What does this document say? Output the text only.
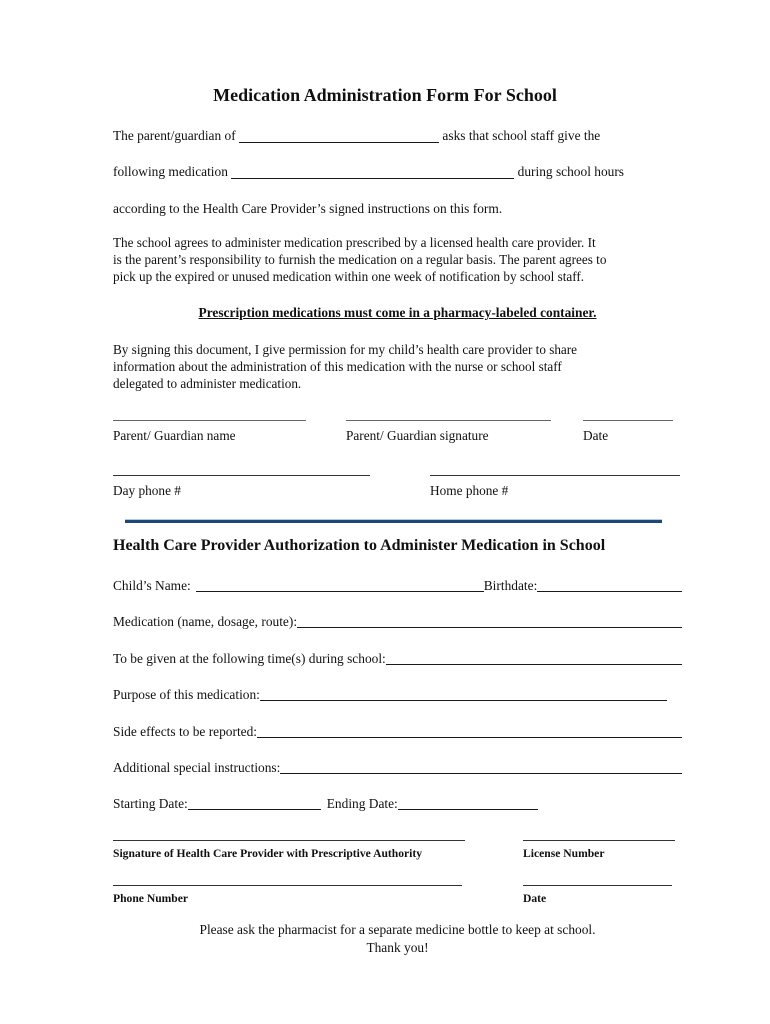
Medication Administration Form For School
The parent/guardian of	asks that school staff give the
following medication	during school hours
according to the Health Care Provider’s signed instructions on this form.
The school agrees to administer medication prescribed by a licensed health care provider. It
is the parent’s responsibility to furnish the medication on a regular basis. The parent agrees to
pick up the expired or unused medication within one week of notification by school staff.
Prescription medications must come in a pharmacy-labeled container.
By signing this document, I give permission for my child’s health care provider to share
information about the administration of this medication with the nurse or school staff
delegated to administer medication.
Parent/ Guardian name	Parent/ Guardian signature	Date
Day phone #	Home phone #
Health Care Provider Authorization to Administer Medication in School
Child’s Name:	Birthdate:
Medication (name, dosage, route):
To be given at the following time(s) during school:
Purpose of this medication:
Side effects to be reported:
Additional special instructions:
Starting Date:	Ending Date:
Signature of Health Care Provider with Prescriptive Authority	License Number
Phone Number	Date
Please ask the pharmacist for a separate medicine bottle to keep at school.
Thank you!
